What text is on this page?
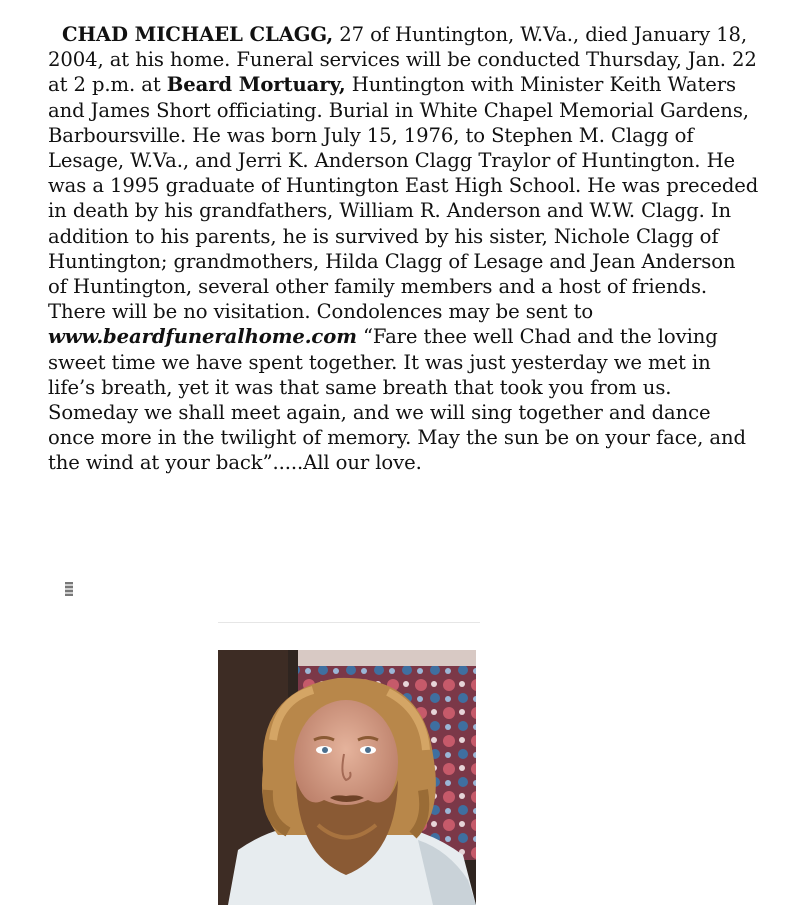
CHAD MICHAEL CLAGG, 27 of Huntington, W.Va., died January 18, 2004, at his home. Funeral services will be conducted Thursday, Jan. 22 at 2 p.m. at Beard Mortuary, Huntington with Minister Keith Waters and James Short officiating. Burial in White Chapel Memorial Gardens, Barboursville. He was born July 15, 1976, to Stephen M. Clagg of Lesage, W.Va., and Jerri K. Anderson Clagg Traylor of Huntington. He was a 1995 graduate of Huntington East High School. He was preceded in death by his grandfathers, William R. Anderson and W.W. Clagg. In addition to his parents, he is survived by his sister, Nichole Clagg of Huntington; grandmothers, Hilda Clagg of Lesage and Jean Anderson of Huntington, several other family members and a host of friends. There will be no visitation. Condolences may be sent to www.beardfuneralhome.com “Fare thee well Chad and the loving sweet time we have spent together. It was just yesterday we met in life’s breath, yet it was that same breath that took you from us. Someday we shall meet again, and we will sing together and dance once more in the twilight of memory. May the sun be on your face, and the wind at your back”.....All our love.
